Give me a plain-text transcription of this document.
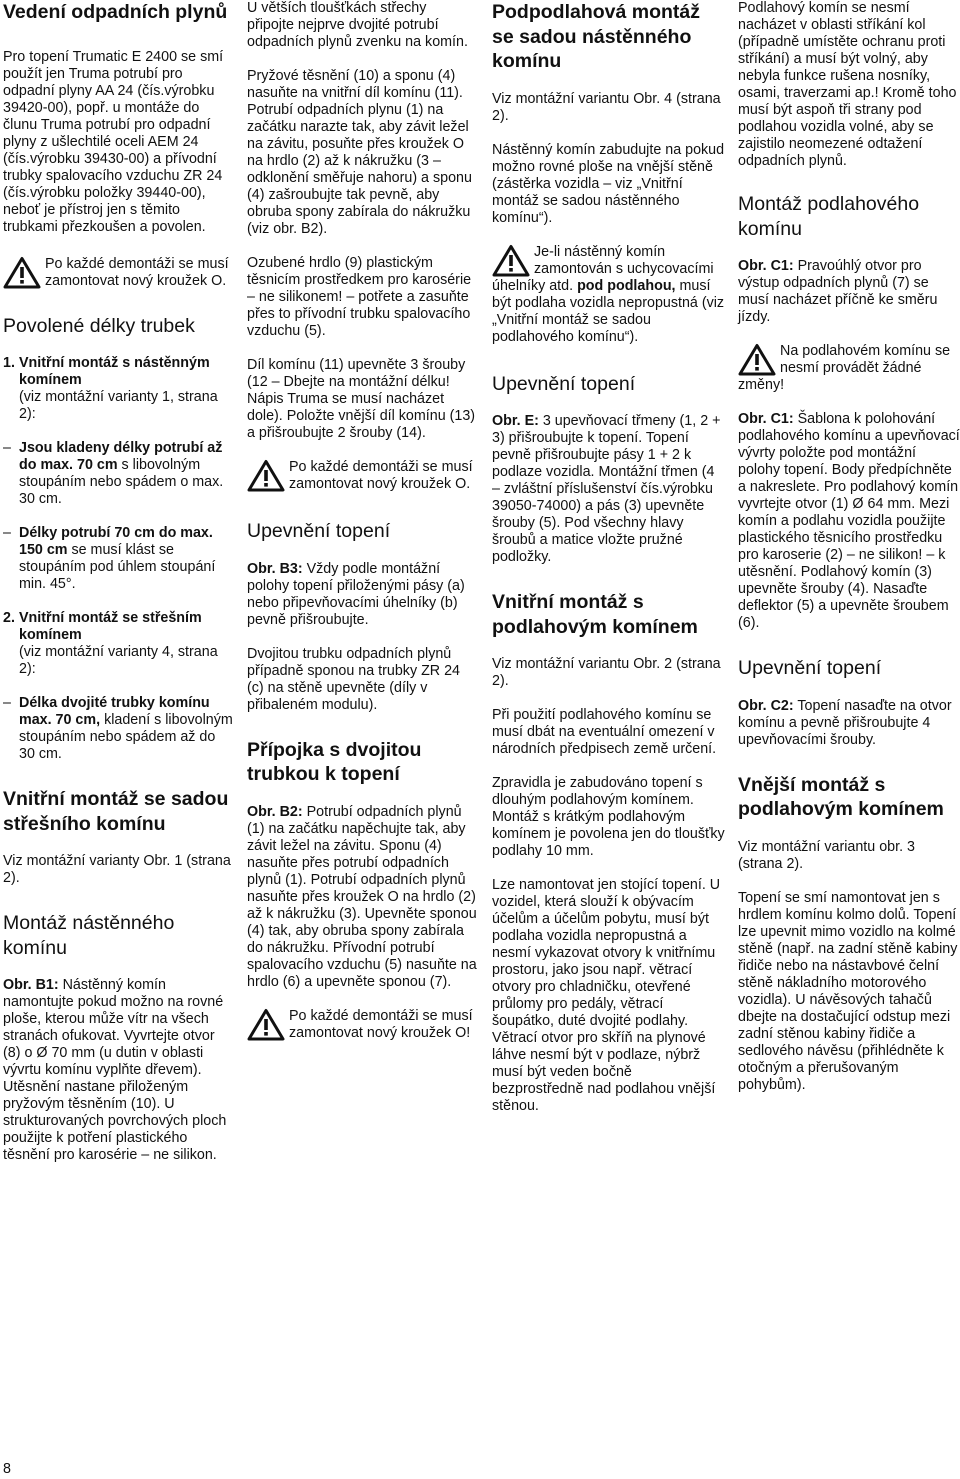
Vedení odpadních plynů

Pro topení Trumatic E 2400 se smí použít jen Truma potrubí pro odpadní plyny AA 24 (čís.výrobku 39420-00), popř. u montáže do člunu Truma potrubí pro odpadní plyny z ušlechtilé oceli AEM 24 (čís.výrobku 39430-00) a přívodní trubky spalovacího vzduchu ZR 24 (čís.výrobku položky 39440-00), neboť je přístroj jen s těmito trubkami přezkoušen a povolen.

Po každé demontáži se musí zamontovat nový kroužek O.

Povolené délky trubek
1. Vnitřní montáž s nástěnným komínem

(viz montážní varianty 1, strana 2):

– Jsou kladeny délky potrubí až do max. 70 cm s libovolným stoupáním nebo spádem o max. 30 cm.

– Délky potrubí 70 cm do max. 150 cm se musí klást se stoupáním pod úhlem stoupání min. 45°.

2. Vnitřní montáž se střešním komínem

(viz montážní varianty 4, strana 2):

– Délka dvojité trubky komínu max. 70 cm, kladení s libovolným stoupáním nebo spádem až do 30 cm.

Vnitřní montáž se sadou střešního komínu

Viz montážní varianty Obr. 1 (strana 2).

Montáž nástěnného komínu

Obr. B1: Nástěnný komín namontujte pokud možno na rovné ploše, kterou může vítr na všech stranách ofukovat. Vyvrtejte otvor (8) o Ø 70 mm (u dutin v oblasti vývrtu komínu vyplňte dřevem). Utěsnění nastane přiloženým pryžovým těsněním (10). U strukturovaných povrchových ploch použijte k potření plastického těsnění pro karosérie – ne silikon.

U větších tloušťkách střechy připojte nejprve dvojité potrubí odpadních plynů zvenku na komín.

Pryžové těsnění (10) a sponu (4) nasuňte na vnitřní díl komínu (11). Potrubí odpadních plynu (1) na začátku narazte tak, aby závit ležel na závitu, posuňte přes kroužek O na hrdlo (2) až k nákružku (3 – odklonění směřuje nahoru) a sponu (4) zašroubujte tak pevně, aby obruba spony zabírala do nákružku (viz obr. B2).

Ozubené hrdlo (9) plastickým těsnicím prostředkem pro karosérie – ne silikonem! – potřete a zasuňte přes to přívodní trubku spalovacího vzduchu (5).

Díl komínu (11) upevněte 3 šrouby (12 – Dbejte na montážní délku! Nápis Truma se musí nacházet dole). Položte vnější díl komínu (13) a přišroubujte 2 šrouby (14).

Po každé demontáži se musí zamontovat nový kroužek O.

Upevnění topení

Obr. B3: Vždy podle montážní polohy topení přiloženými pásy (a) nebo připevňovacími úhelníky (b) pevně přišroubujte.

Dvojitou trubku odpadních plynů případně sponou na trubky ZR 24 (c) na stěně upevněte (díly v přibaleném modulu).

Přípojka s dvojitou trubkou k topení

Obr. B2: Potrubí odpadních plynů (1) na začátku napěchujte tak, aby závit ležel na závitu. Sponu (4) nasuňte přes potrubí odpadních plynů (1). Potrubí odpadních plynů nasuňte přes kroužek O na hrdlo (2) až k nákružku (3). Upevněte sponou (4) tak, aby obruba spony zabírala do nákružku. Přívodní potrubí spalovacího vzduchu (5) nasuňte na hrdlo (6) a upevněte sponou (7).

Po každé demontáži se musí zamontovat nový kroužek O!

Podpodlahová montáž se sadou nástěnného komínu

Viz montážní variantu Obr. 4 (strana 2).

Nástěnný komín zabudujte na pokud možno rovné ploše na vnější stěně (zástěrka vozidla – viz „Vnitřní montáž se sadou nástěnného komínu“).

Je-li nástěnný komín zamontován s uchycovacími úhelníky atd. pod podlahou, musí být podlaha vozidla nepropustná (viz „Vnitřní montáž se sadou podlahového komínu“).

Upevnění topení

Obr. E: 3 upevňovací třmeny (1, 2 + 3) přišroubujte k topení. Topení pevně přišroubujte pásy 1 + 2 k podlaze vozidla. Montážní třmen (4 – zvláštní příslušenství čís.výrobku 39050-74000) a pás (3) upevněte šrouby (5). Pod všechny hlavy šroubů a matice vložte pružné podložky.

Vnitřní montáž s podlahovým komínem

Viz montážní variantu Obr. 2 (strana 2).

Při použití podlahového komínu se musí dbát na eventuální omezení v národních předpisech země určení.

Zpravidla je zabudováno topení s dlouhým podlahovým komínem. Montáž s krátkým podlahovým komínem je povolena jen do tloušťky podlahy 10 mm.

Lze namontovat jen stojící topení. U vozidel, která slouží k obývacím účelům a účelům pobytu, musí být podlaha vozidla nepropustná a nesmí vykazovat otvory k vnitřnímu prostoru, jako jsou např. větrací otvory pro chladničku, otevřené průlomy pro pedály, větrací šoupátko, duté dvojité podlahy. Větrací otvor pro skříň na plynové láhve nesmí být v podlaze, nýbrž musí být veden bočně bezprostředně nad podlahou vnější stěnou.

Podlahový komín se nesmí nacházet v oblasti stříkání kol (případně umístěte ochranu proti stříkání) a musí být volný, aby nebyla funkce rušena nosníky, osami, traverzami ap.! Kromě toho musí být aspoň tři strany pod podlahou vozidla volné, aby se zajistilo neomezené odtažení odpadních plynů.

Montáž podlahového komínu

Obr. C1: Pravoúhlý otvor pro výstup odpadních plynů (7) se musí nacházet příčně ke směru jízdy.

Na podlahovém komínu se nesmí provádět žádné změny!

Obr. C1: Šablona k polohování podlahového komínu a upevňovací vývrty položte pod montážní polohy topení. Body předpíchněte a nakreslete. Pro podlahový komín vyvrtejte otvor (1) Ø 64 mm. Mezi komín a podlahu vozidla použijte plastického těsnicího prostředku pro karoserie (2) – ne silikon! – k utěsnění. Podlahový komín (3) upevněte šrouby (4). Nasaďte deflektor (5) a upevněte šroubem (6).

Upevnění topení

Obr. C2: Topení nasaďte na otvor komínu a pevně přišroubujte 4 upevňovacími šrouby.

Vnější montáž s podlahovým komínem

Viz montážní variantu obr. 3 (strana 2).

Topení se smí namontovat jen s hrdlem komínu kolmo dolů. Topení lze upevnit mimo vozidlo na kolmé stěně (např. na zadní stěně kabiny řidiče nebo na nástavbové čelní stěně nákladního motorového vozidla). U návěsových tahačů dbejte na dostačující odstup mezi zadní stěnou kabiny řidiče a sedlového návěsu (přihlédněte k otočným a přerušovaným pohybům).

8
